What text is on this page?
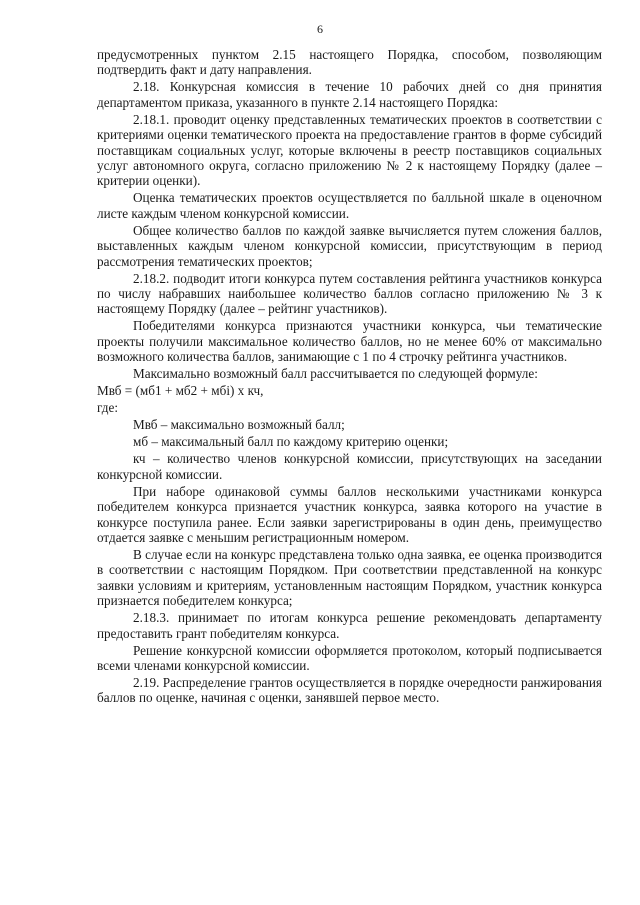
6

предусмотренных пунктом 2.15 настоящего Порядка, способом, позволяющим подтвердить факт и дату направления.

2.18. Конкурсная комиссия в течение 10 рабочих дней со дня принятия департаментом приказа, указанного в пункте 2.14 настоящего Порядка:

2.18.1. проводит оценку представленных тематических проектов в соответствии с критериями оценки тематического проекта на предоставление грантов в форме субсидий поставщикам социальных услуг, которые включены в реестр поставщиков социальных услуг автономного округа, согласно приложению № 2 к настоящему Порядку (далее – критерии оценки).

Оценка тематических проектов осуществляется по балльной шкале в оценочном листе каждым членом конкурсной комиссии.

Общее количество баллов по каждой заявке вычисляется путем сложения баллов, выставленных каждым членом конкурсной комиссии, присутствующим в период рассмотрения тематических проектов;

2.18.2. подводит итоги конкурса путем составления рейтинга участников конкурса по числу набравших наибольшее количество баллов согласно приложению № 3 к настоящему Порядку (далее – рейтинг участников).

Победителями конкурса признаются участники конкурса, чьи тематические проекты получили максимальное количество баллов, но не менее 60% от максимально возможного количества баллов, занимающие с 1 по 4 строчку рейтинга участников.

Максимально возможный балл рассчитывается по следующей формуле:

Мвб = (мб1 + мб2 + мбi) х кч,

где:

Мвб – максимально возможный балл;

мб – максимальный балл по каждому критерию оценки;

кч – количество членов конкурсной комиссии, присутствующих на заседании конкурсной комиссии.

При наборе одинаковой суммы баллов несколькими участниками конкурса победителем конкурса признается участник конкурса, заявка которого на участие в конкурсе поступила ранее. Если заявки зарегистрированы в один день, преимущество отдается заявке с меньшим регистрационным номером.

В случае если на конкурс представлена только одна заявка, ее оценка производится в соответствии с настоящим Порядком. При соответствии представленной на конкурс заявки условиям и критериям, установленным настоящим Порядком, участник конкурса признается победителем конкурса;

2.18.3. принимает по итогам конкурса решение рекомендовать департаменту предоставить грант победителям конкурса.

Решение конкурсной комиссии оформляется протоколом, который подписывается всеми членами конкурсной комиссии.

2.19. Распределение грантов осуществляется в порядке очередности ранжирования баллов по оценке, начиная с оценки, занявшей первое место.
